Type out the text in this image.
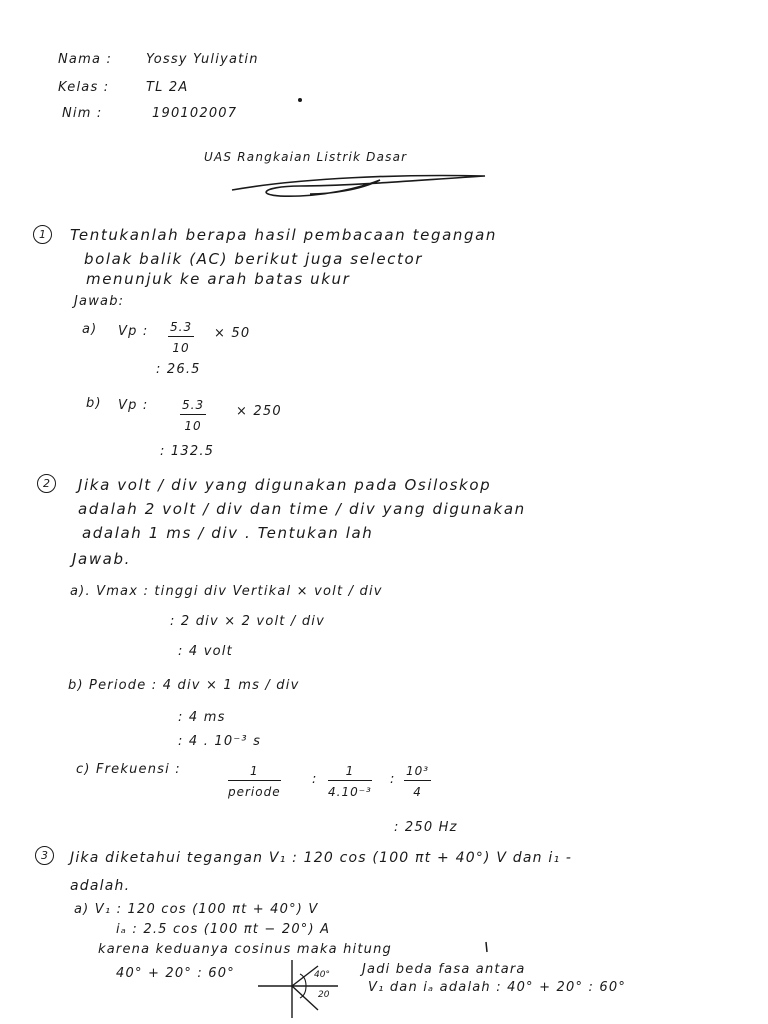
Nama :	Yossy Yuliyatin
Kelas :	TL 2A
Nim :	190102007
UAS Rangkaian Listrik Dasar
1	Tentukanlah berapa hasil pembacaan tegangan
bolak balik (AC) berikut juga selector
menunjuk ke arah batas ukur
Jawab:
a) Vp : $\frac{5.3}{10} \times 50$
: 26.5
b) Vp :	$\frac{5.3}{10} \times 250$
: 132.5
2	Jika volt / div yang digunakan pada Osiloskop
adalah 2 volt / div dan time / div yang digunakan
adalah 1 ms / div . Tentukan lah
Jawab.
a). Vmax : tinggi div Vertikal × volt / div
: 2 div × 2 volt / div
: 4 volt
b) Periode : 4 div × 1 ms / div
: 4 ms
: 4 . 10⁻³ s
c) Frekuensi :	1
periode
: $\frac{1}{\text{4.10⁻³}}$ : $\frac{\text{10³}}{4}$
: 250 Hz
3	Jika diketahui tegangan V₁ : 120 cos (100 πt + 40°) V dan i₁ -
adalah.
a) V₁ : 120 cos (100 πt + 40°) V
iₐ : 2.5 cos (100 πt − 20°) A
karena keduanya cosinus maka hitung
40° + 20° : 60°	40°
20
Jadi beda fasa antara
V₁ dan iₐ adalah : 40° + 20° : 60°
